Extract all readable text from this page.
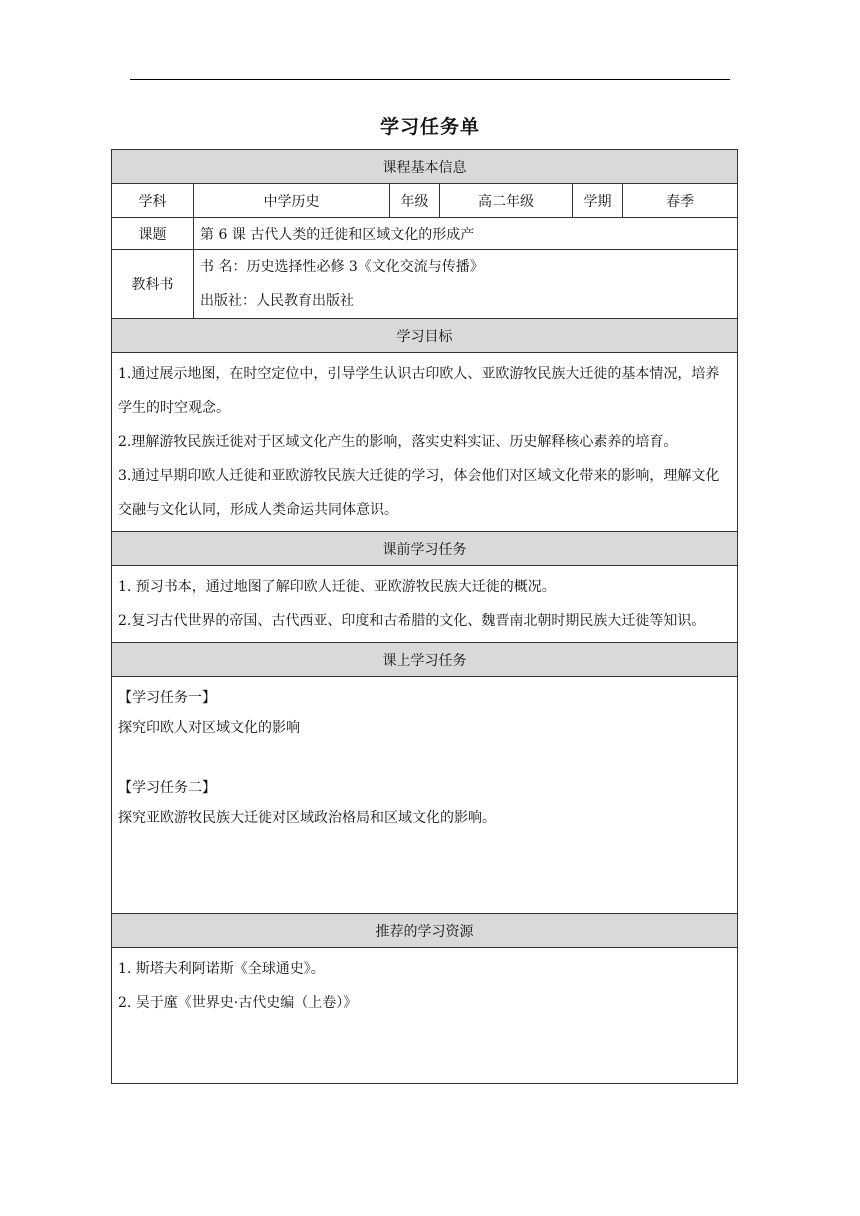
学习任务单
课程基本信息					
学科	中学历史	年级	高二年级	学期	春季
课题	第 6 课 古代人类的迁徙和区域文化的形成产				
教科书	书 名：历史选择性必修 3《文化交流与传播》
出版社：人民教育出版社				

学习目标					

1.通过展示地图，在时空定位中，引导学生认识古印欧人、亚欧游牧民族大迁徙的基本情况，培养学生的时空观念。
2.理解游牧民族迁徙对于区域文化产生的影响，落实史料实证、历史解释核心素养的培育。
3.通过早期印欧人迁徙和亚欧游牧民族大迁徙的学习，体会他们对区域文化带来的影响，理解文化交融与文化认同，形成人类命运共同体意识。					

课前学习任务					

1. 预习书本，通过地图了解印欧人迁徙、亚欧游牧民族大迁徙的概况。
2.复习古代世界的帝国、古代西亚、印度和古希腊的文化、魏晋南北朝时期民族大迁徙等知识。					

课上学习任务					

【学习任务一】
探究印欧人对区域文化的影响
【学习任务二】
探究亚欧游牧民族大迁徙对区域政治格局和区域文化的影响。					

推荐的学习资源					

1. 斯塔夫利阿诺斯《全球通史》。
2. 吴于廑《世界史·古代史编（上卷）》					
